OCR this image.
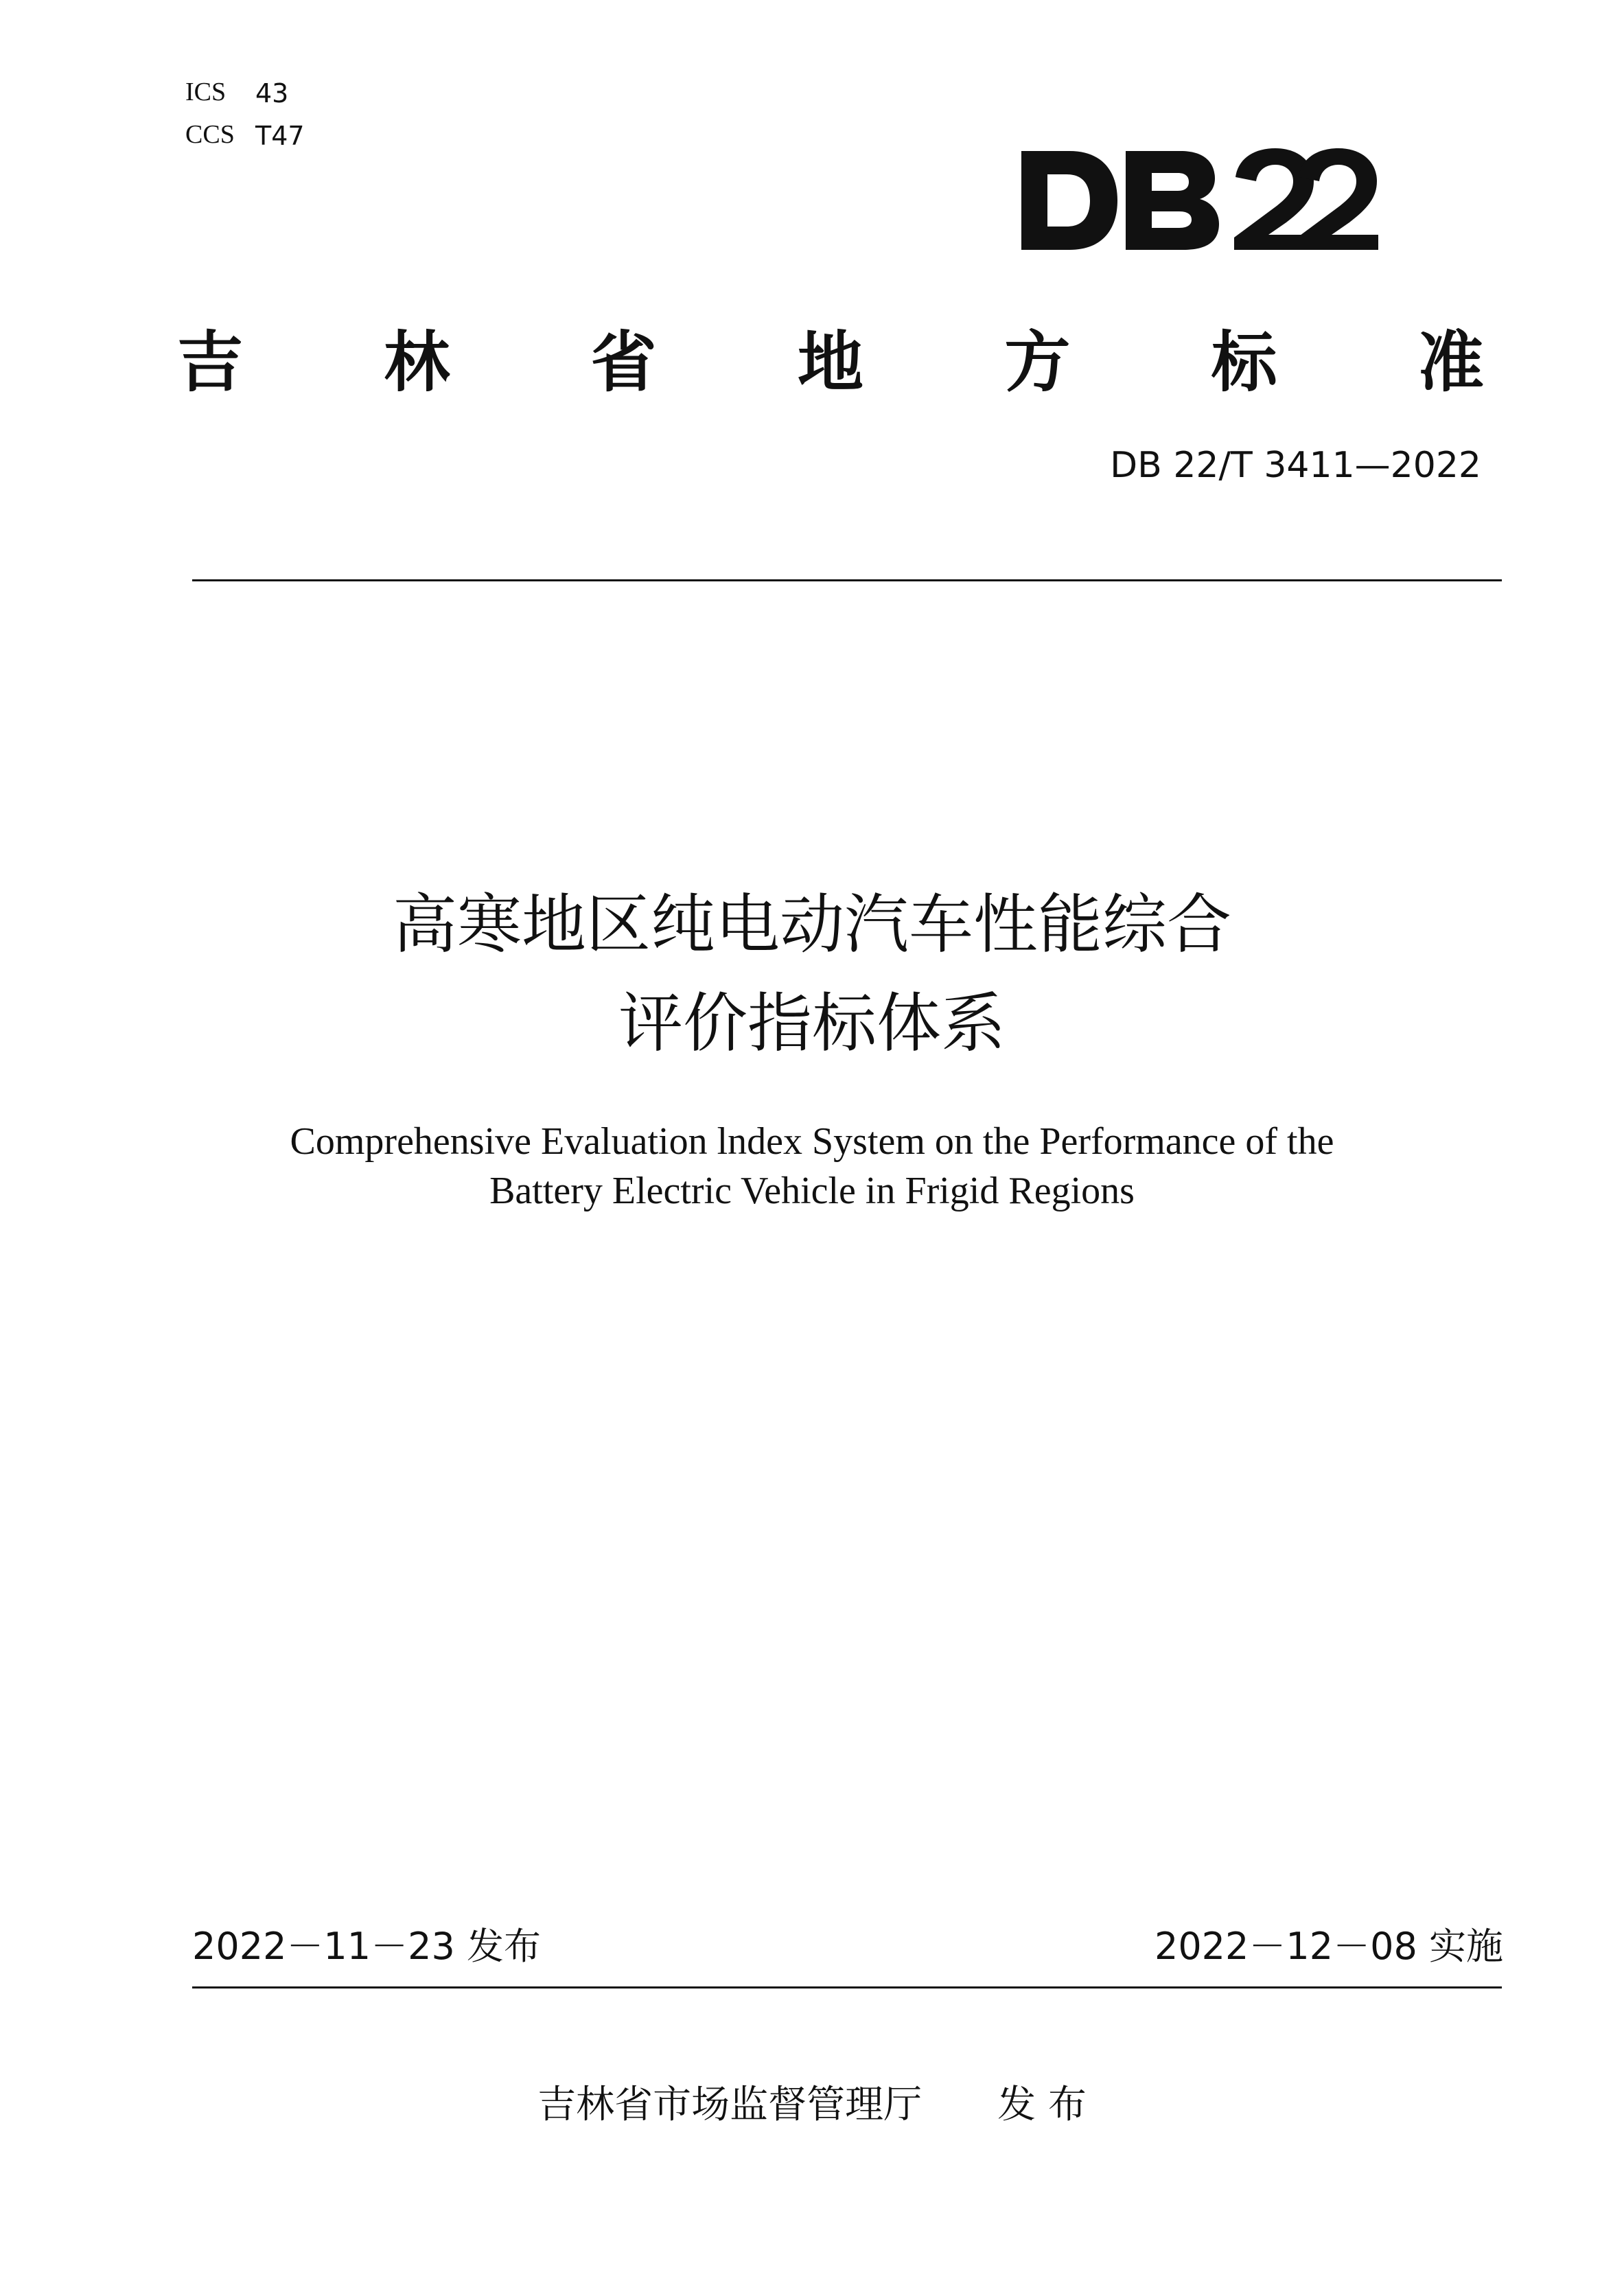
ICS 43
CCS T47
吉 林 省 地 方 标 准
DB 22/T 3411—2022
高寒地区纯电动汽车性能综合
评价指标体系
Comprehensive Evaluation lndex System on the Performance of the
Battery Electric Vehicle in Frigid Regions
2022－11－23 发布	2022－12－08 实施
吉林省市场监督管理厅 发 布
